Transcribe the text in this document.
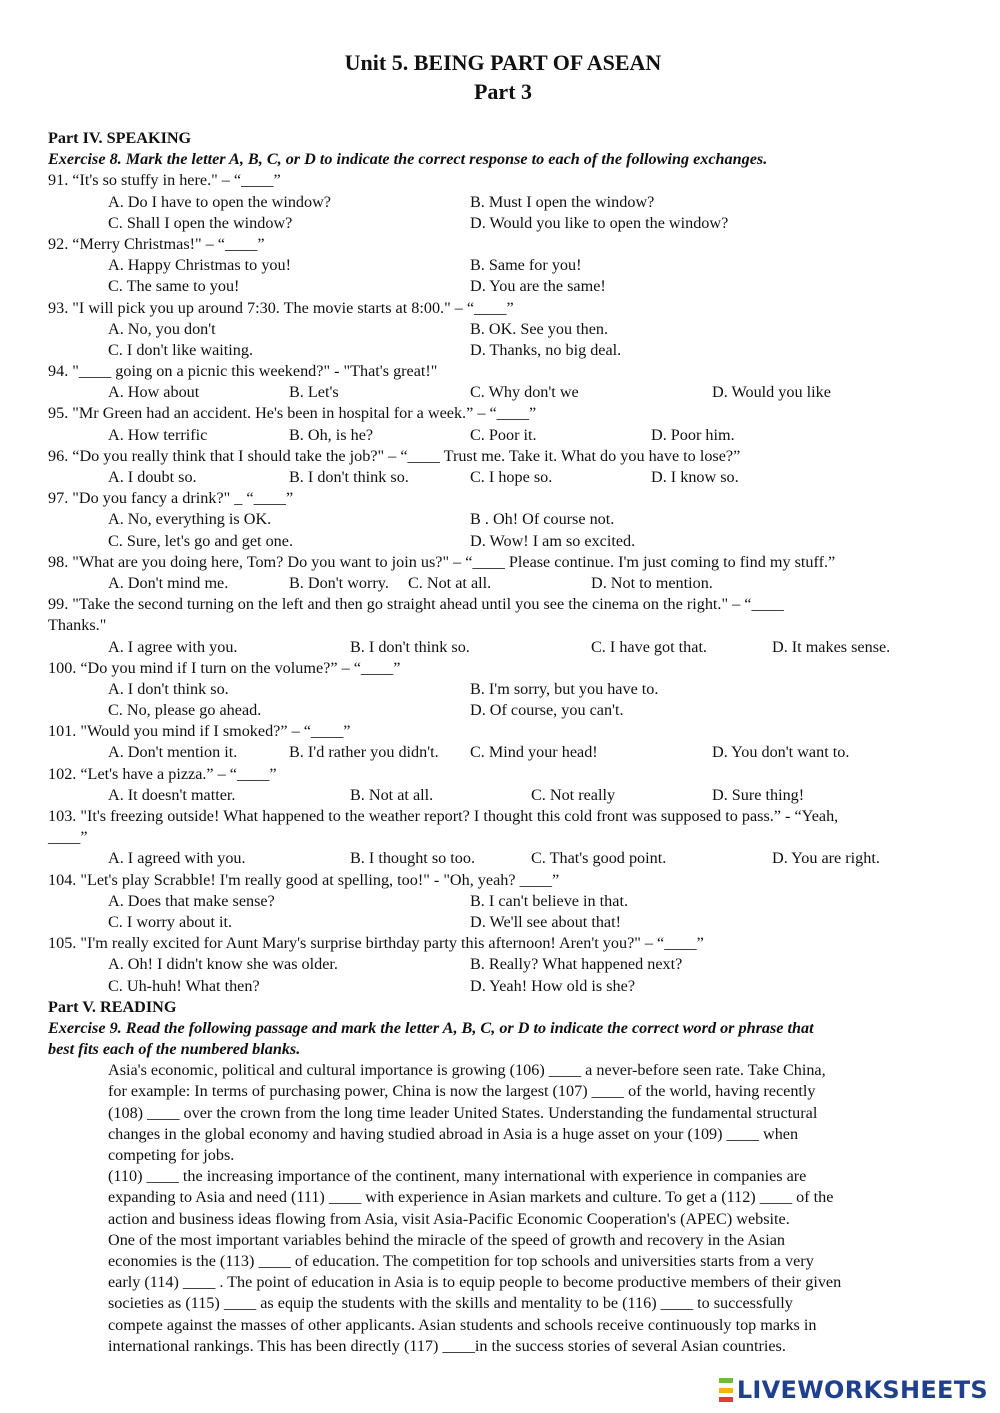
Unit 5. BEING PART OF ASEAN
Part 3
Part IV. SPEAKING
Exercise 8. Mark the letter A, B, C, or D to indicate the correct response to each of the following exchanges.
91. “It's so stuffy in here." – “____”
A. Do I have to open the window?	B. Must I open the window?
C. Shall I open the window?	D. Would you like to open the window?
92. “Merry Christmas!" – “____”
A. Happy Christmas to you!	B. Same for you!
C. The same to you!	D. You are the same!
93. "I will pick you up around 7:30. The movie starts at 8:00." – “____”
A. No, you don't	B. OK. See you then.
C. I don't like waiting.	D. Thanks, no big deal.
94. "____ going on a picnic this weekend?" - "That's great!"
A. How about	B. Let's	C. Why don't we	D. Would you like
95. "Mr Green had an accident. He's been in hospital for a week.” – “____”
A. How terrific	B. Oh, is he?	C. Poor it.	D. Poor him.
96. “Do you really think that I should take the job?" – “____ Trust me. Take it. What do you have to lose?”
A. I doubt so.	B. I don't think so.	C. I hope so.	D. I know so.
97. "Do you fancy a drink?" _ “____”
A. No, everything is OK.	B . Oh! Of course not.
C. Sure, let's go and get one.	D. Wow! I am so excited.
98. "What are you doing here, Tom? Do you want to join us?" – “____ Please continue. I'm just coming to find my stuff.”
A. Don't mind me.	B. Don't worry. C. Not at all.	D. Not to mention.
99. "Take the second turning on the left and then go straight ahead until you see the cinema on the right." – “____
Thanks."
A. I agree with you.	B. I don't think so.	C. I have got that.	D. It makes sense.
100. “Do you mind if I turn on the volume?” – “____”
A. I don't think so.	B. I'm sorry, but you have to.
C. No, please go ahead.	D. Of course, you can't.
101. "Would you mind if I smoked?” – “____”
A. Don't mention it.	B. I'd rather you didn't. C. Mind your head!	D. You don't want to.
102. “Let's have a pizza.” – “____”
A. It doesn't matter.	B. Not at all.	C. Not really	D. Sure thing!
103. "It's freezing outside! What happened to the weather report? I thought this cold front was supposed to pass.” - “Yeah,
____”
A. I agreed with you.	B. I thought so too.	C. That's good point.	D. You are right.
104. "Let's play Scrabble! I'm really good at spelling, too!" - "Oh, yeah? ____”
A. Does that make sense?	B. I can't believe in that.
C. I worry about it.	D. We'll see about that!
105. "I'm really excited for Aunt Mary's surprise birthday party this afternoon! Aren't you?" – “____”
A. Oh! I didn't know she was older.	B. Really? What happened next?
C. Uh-huh! What then?	D. Yeah! How old is she?
Part V. READING
Exercise 9. Read the following passage and mark the letter A, B, C, or D to indicate the correct word or phrase that
best fits each of the numbered blanks.
Asia's economic, political and cultural importance is growing (106) ____ a never-before seen rate. Take China,
for example: In terms of purchasing power, China is now the largest (107) ____ of the world, having recently
(108) ____ over the crown from the long time leader United States. Understanding the fundamental structural
changes in the global economy and having studied abroad in Asia is a huge asset on your (109) ____ when
competing for jobs.
(110) ____ the increasing importance of the continent, many international with experience in companies are
expanding to Asia and need (111) ____ with experience in Asian markets and culture. To get a (112) ____ of the
action and business ideas flowing from Asia, visit Asia-Pacific Economic Cooperation's (APEC) website.
One of the most important variables behind the miracle of the speed of growth and recovery in the Asian
economies is the (113) ____ of education. The competition for top schools and universities starts from a very
early (114) ____ . The point of education in Asia is to equip people to become productive members of their given
societies as (115) ____ as equip the students with the skills and mentality to be (116) ____ to successfully
compete against the masses of other applicants. Asian students and schools receive continuously top marks in
international rankings. This has been directly (117) ____in the success stories of several Asian countries.
LIVEWORKSHEETS
